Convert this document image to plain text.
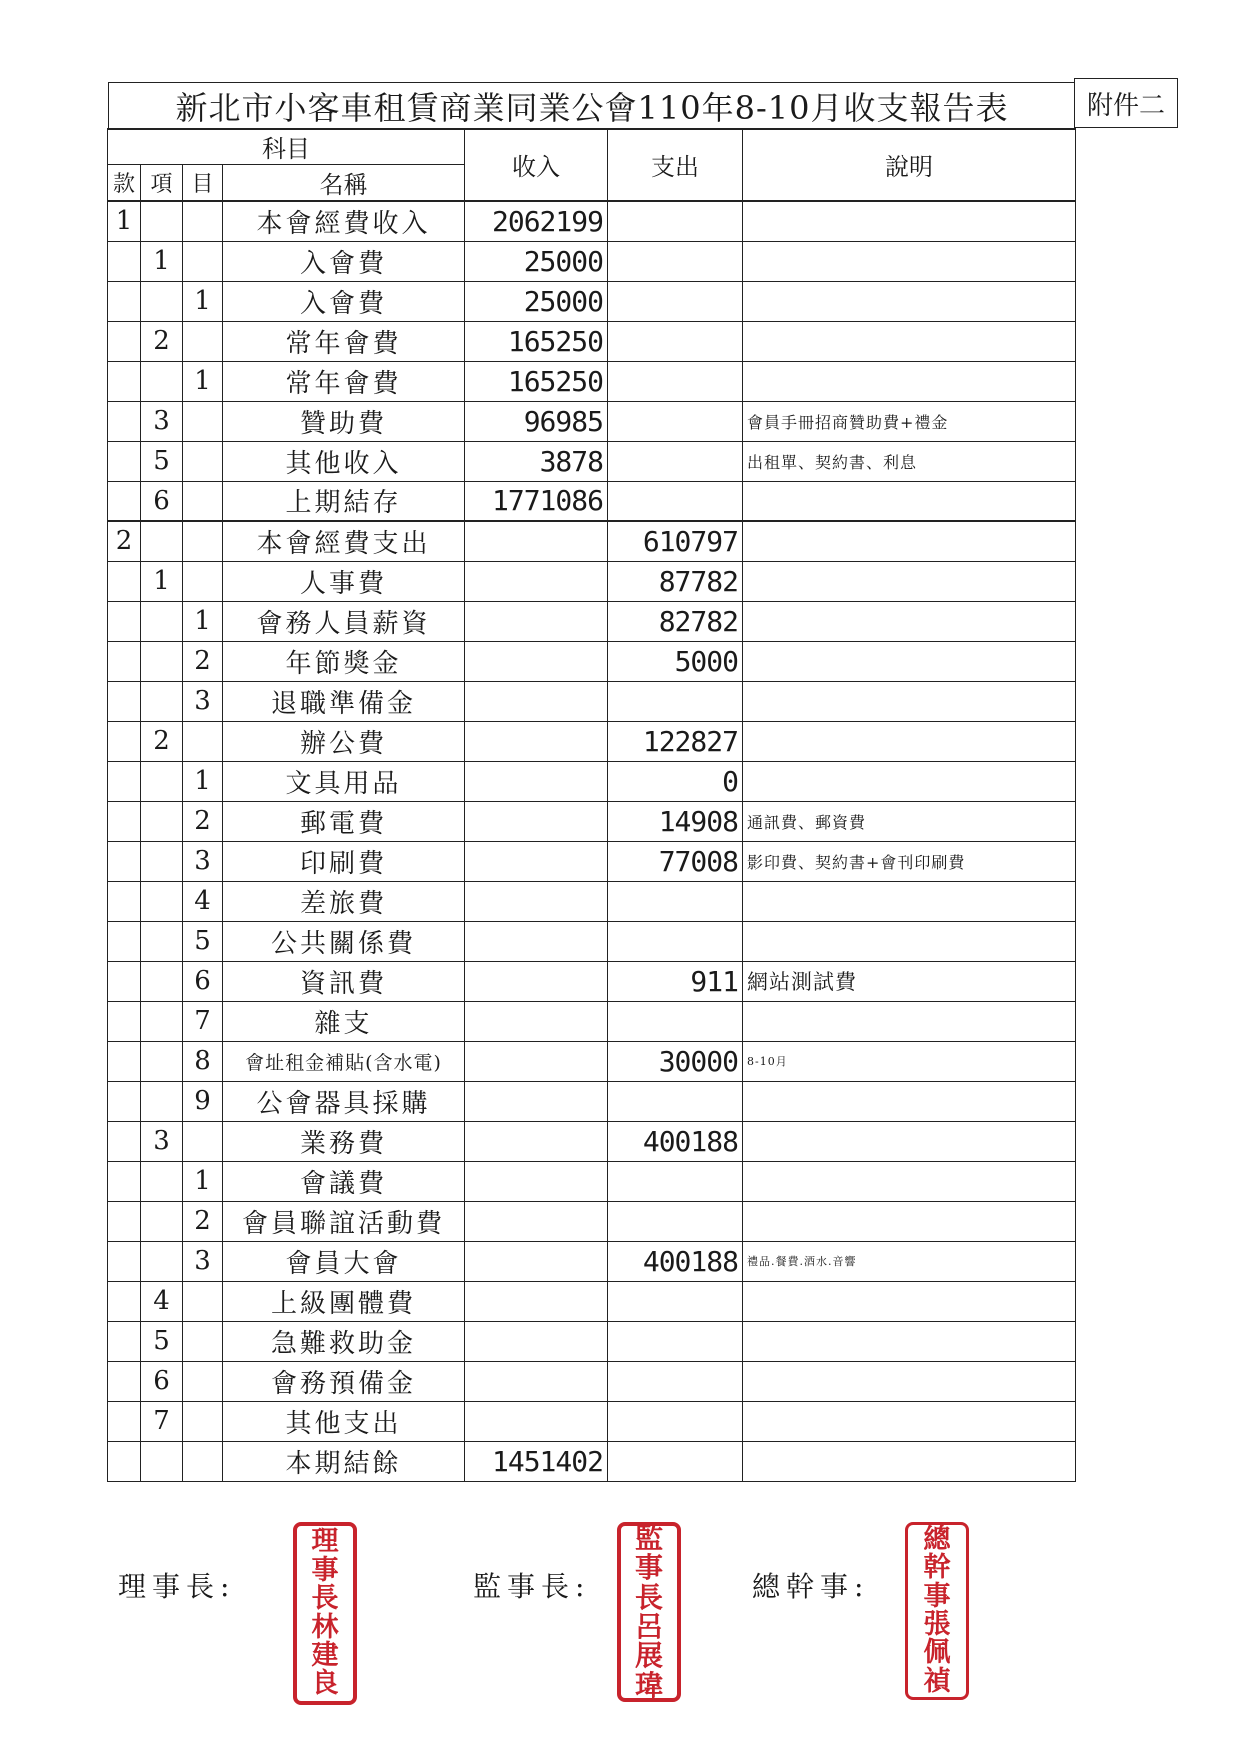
新北市小客車租賃商業同業公會110年8-10月收支報告表	附件二
科目				收入	支出	說明
款	項	目	名稱			
1			本會經費收入	2062199		
	1		入會費	25000		
		1	入會費	25000		
	2		常年會費	165250		
		1	常年會費	165250		
	3		贊助費	96985		會員手冊招商贊助費+禮金
	5		其他收入	3878		出租單、契約書、利息
	6		上期結存	1771086		
2			本會經費支出		610797	
	1		人事費		87782	
		1	會務人員薪資		82782	
		2	年節獎金		5000	
		3	退職準備金			
	2		辦公費		122827	
		1	文具用品		0	
		2	郵電費		14908	通訊費、郵資費
		3	印刷費		77008	影印費、契約書+會刊印刷費
		4	差旅費			
		5	公共關係費			
		6	資訊費		911	網站測試費
		7	雜支			
		8	會址租金補貼(含水電)		30000	8-10月
		9	公會器具採購			
	3		業務費		400188	
		1	會議費			
		2	會員聯誼活動費			
		3	會員大會		400188	禮品.餐費.酒水.音響
	4		上級團體費			
	5		急難救助金			
	6		會務預備金			
	7		其他支出			
			本期結餘	1451402		
理事長:
理
事
長
林
建
良
監事長:
監
事
長
呂
展
瑋
總幹事:
總
幹
事
張
佩
禎
